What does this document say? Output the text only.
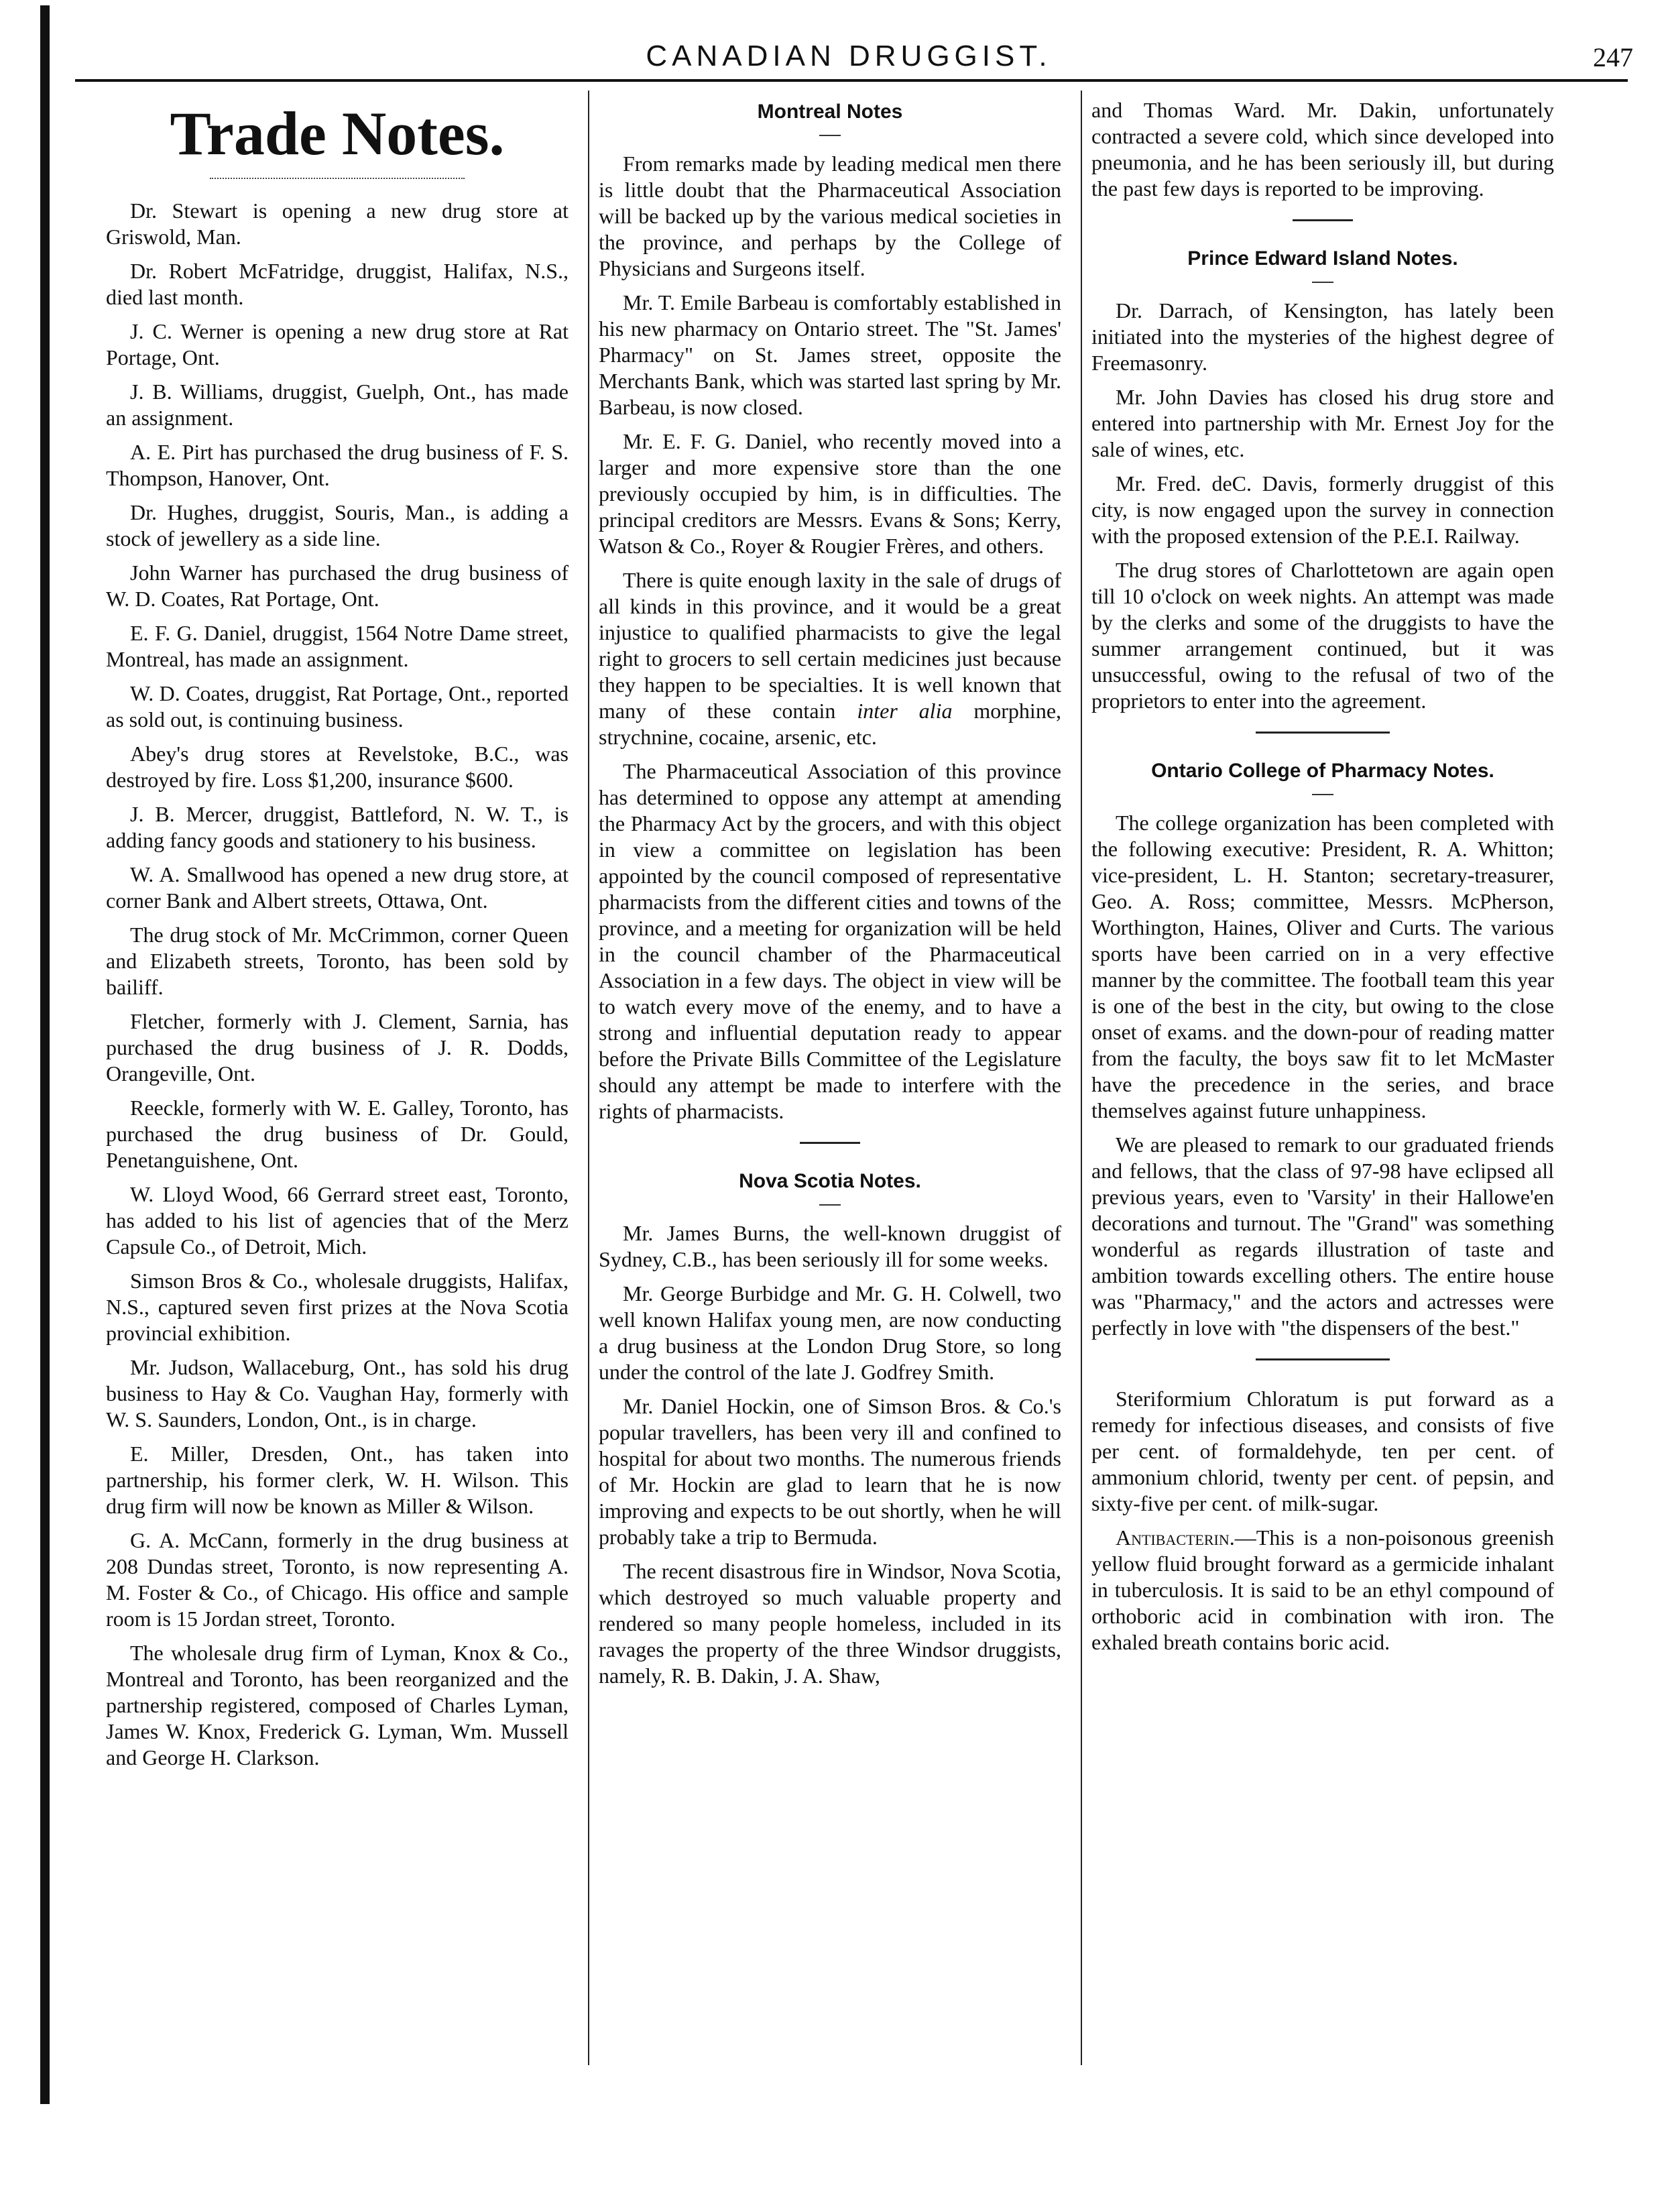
CANADIAN DRUGGIST.	247
Trade Notes.

Dr. Stewart is opening a new drug store at Griswold, Man.

Dr. Robert McFatridge, druggist, Halifax, N.S., died last month.

J. C. Werner is opening a new drug store at Rat Portage, Ont.

J. B. Williams, druggist, Guelph, Ont., has made an assignment.

A. E. Pirt has purchased the drug business of F. S. Thompson, Hanover, Ont.

Dr. Hughes, druggist, Souris, Man., is adding a stock of jewellery as a side line.

John Warner has purchased the drug business of W. D. Coates, Rat Portage, Ont.

E. F. G. Daniel, druggist, 1564 Notre Dame street, Montreal, has made an assignment.

W. D. Coates, druggist, Rat Portage, Ont., reported as sold out, is continuing business.

Abey's drug stores at Revelstoke, B.C., was destroyed by fire. Loss $1,200, insurance $600.

J. B. Mercer, druggist, Battleford, N. W. T., is adding fancy goods and stationery to his business.

W. A. Smallwood has opened a new drug store, at corner Bank and Albert streets, Ottawa, Ont.

The drug stock of Mr. McCrimmon, corner Queen and Elizabeth streets, Toronto, has been sold by bailiff.

Fletcher, formerly with J. Clement, Sarnia, has purchased the drug business of J. R. Dodds, Orangeville, Ont.

Reeckle, formerly with W. E. Galley, Toronto, has purchased the drug business of Dr. Gould, Penetanguishene, Ont.

W. Lloyd Wood, 66 Gerrard street east, Toronto, has added to his list of agencies that of the Merz Capsule Co., of Detroit, Mich.

Simson Bros & Co., wholesale druggists, Halifax, N.S., captured seven first prizes at the Nova Scotia provincial exhibition.

Mr. Judson, Wallaceburg, Ont., has sold his drug business to Hay & Co. Vaughan Hay, formerly with W. S. Saunders, London, Ont., is in charge.

E. Miller, Dresden, Ont., has taken into partnership, his former clerk, W. H. Wilson. This drug firm will now be known as Miller & Wilson.

G. A. McCann, formerly in the drug business at 208 Dundas street, Toronto, is now representing A. M. Foster & Co., of Chicago. His office and sample room is 15 Jordan street, Toronto.

The wholesale drug firm of Lyman, Knox & Co., Montreal and Toronto, has been reorganized and the partnership registered, composed of Charles Lyman, James W. Knox, Frederick G. Lyman, Wm. Mussell and George H. Clarkson.

Montreal Notes

From remarks made by leading medical men there is little doubt that the Pharmaceutical Association will be backed up by the various medical societies in the province, and perhaps by the College of Physicians and Surgeons itself.

Mr. T. Emile Barbeau is comfortably established in his new pharmacy on Ontario street. The "St. James' Pharmacy" on St. James street, opposite the Merchants Bank, which was started last spring by Mr. Barbeau, is now closed.

Mr. E. F. G. Daniel, who recently moved into a larger and more expensive store than the one previously occupied by him, is in difficulties. The principal creditors are Messrs. Evans & Sons; Kerry, Watson & Co., Royer & Rougier Frères, and others.

There is quite enough laxity in the sale of drugs of all kinds in this province, and it would be a great injustice to qualified pharmacists to give the legal right to grocers to sell certain medicines just because they happen to be specialties. It is well known that many of these contain inter alia morphine, strychnine, cocaine, arsenic, etc.

The Pharmaceutical Association of this province has determined to oppose any attempt at amending the Pharmacy Act by the grocers, and with this object in view a committee on legislation has been appointed by the council composed of representative pharmacists from the different cities and towns of the province, and a meeting for organization will be held in the council chamber of the Pharmaceutical Association in a few days. The object in view will be to watch every move of the enemy, and to have a strong and influential deputation ready to appear before the Private Bills Committee of the Legislature should any attempt be made to interfere with the rights of pharmacists.

Nova Scotia Notes.

Mr. James Burns, the well-known druggist of Sydney, C.B., has been seriously ill for some weeks.

Mr. George Burbidge and Mr. G. H. Colwell, two well known Halifax young men, are now conducting a drug business at the London Drug Store, so long under the control of the late J. Godfrey Smith.

Mr. Daniel Hockin, one of Simson Bros. & Co.'s popular travellers, has been very ill and confined to hospital for about two months. The numerous friends of Mr. Hockin are glad to learn that he is now improving and expects to be out shortly, when he will probably take a trip to Bermuda.

The recent disastrous fire in Windsor, Nova Scotia, which destroyed so much valuable property and rendered so many people homeless, included in its ravages the property of the three Windsor druggists, namely, R. B. Dakin, J. A. Shaw,

and Thomas Ward. Mr. Dakin, unfortunately contracted a severe cold, which since developed into pneumonia, and he has been seriously ill, but during the past few days is reported to be improving.

Prince Edward Island Notes.

Dr. Darrach, of Kensington, has lately been initiated into the mysteries of the highest degree of Freemasonry.

Mr. John Davies has closed his drug store and entered into partnership with Mr. Ernest Joy for the sale of wines, etc.

Mr. Fred. deC. Davis, formerly druggist of this city, is now engaged upon the survey in connection with the proposed extension of the P.E.I. Railway.

The drug stores of Charlottetown are again open till 10 o'clock on week nights. An attempt was made by the clerks and some of the druggists to have the summer arrangement continued, but it was unsuccessful, owing to the refusal of two of the proprietors to enter into the agreement.

Ontario College of Pharmacy Notes.

The college organization has been completed with the following executive: President, R. A. Whitton; vice-president, L. H. Stanton; secretary-treasurer, Geo. A. Ross; committee, Messrs. McPherson, Worthington, Haines, Oliver and Curts. The various sports have been carried on in a very effective manner by the committee. The football team this year is one of the best in the city, but owing to the close onset of exams. and the down-pour of reading matter from the faculty, the boys saw fit to let McMaster have the precedence in the series, and brace themselves against future unhappiness.

We are pleased to remark to our graduated friends and fellows, that the class of 97-98 have eclipsed all previous years, even to 'Varsity' in their Hallowe'en decorations and turnout. The "Grand" was something wonderful as regards illustration of taste and ambition towards excelling others. The entire house was "Pharmacy," and the actors and actresses were perfectly in love with "the dispensers of the best."

Steriformium Chloratum is put forward as a remedy for infectious diseases, and consists of five per cent. of formaldehyde, ten per cent. of ammonium chlorid, twenty per cent. of pepsin, and sixty-five per cent. of milk-sugar.

Antibacterin.—This is a non-poisonous greenish yellow fluid brought forward as a germicide inhalant in tuberculosis. It is said to be an ethyl compound of orthoboric acid in combination with iron. The exhaled breath contains boric acid.
